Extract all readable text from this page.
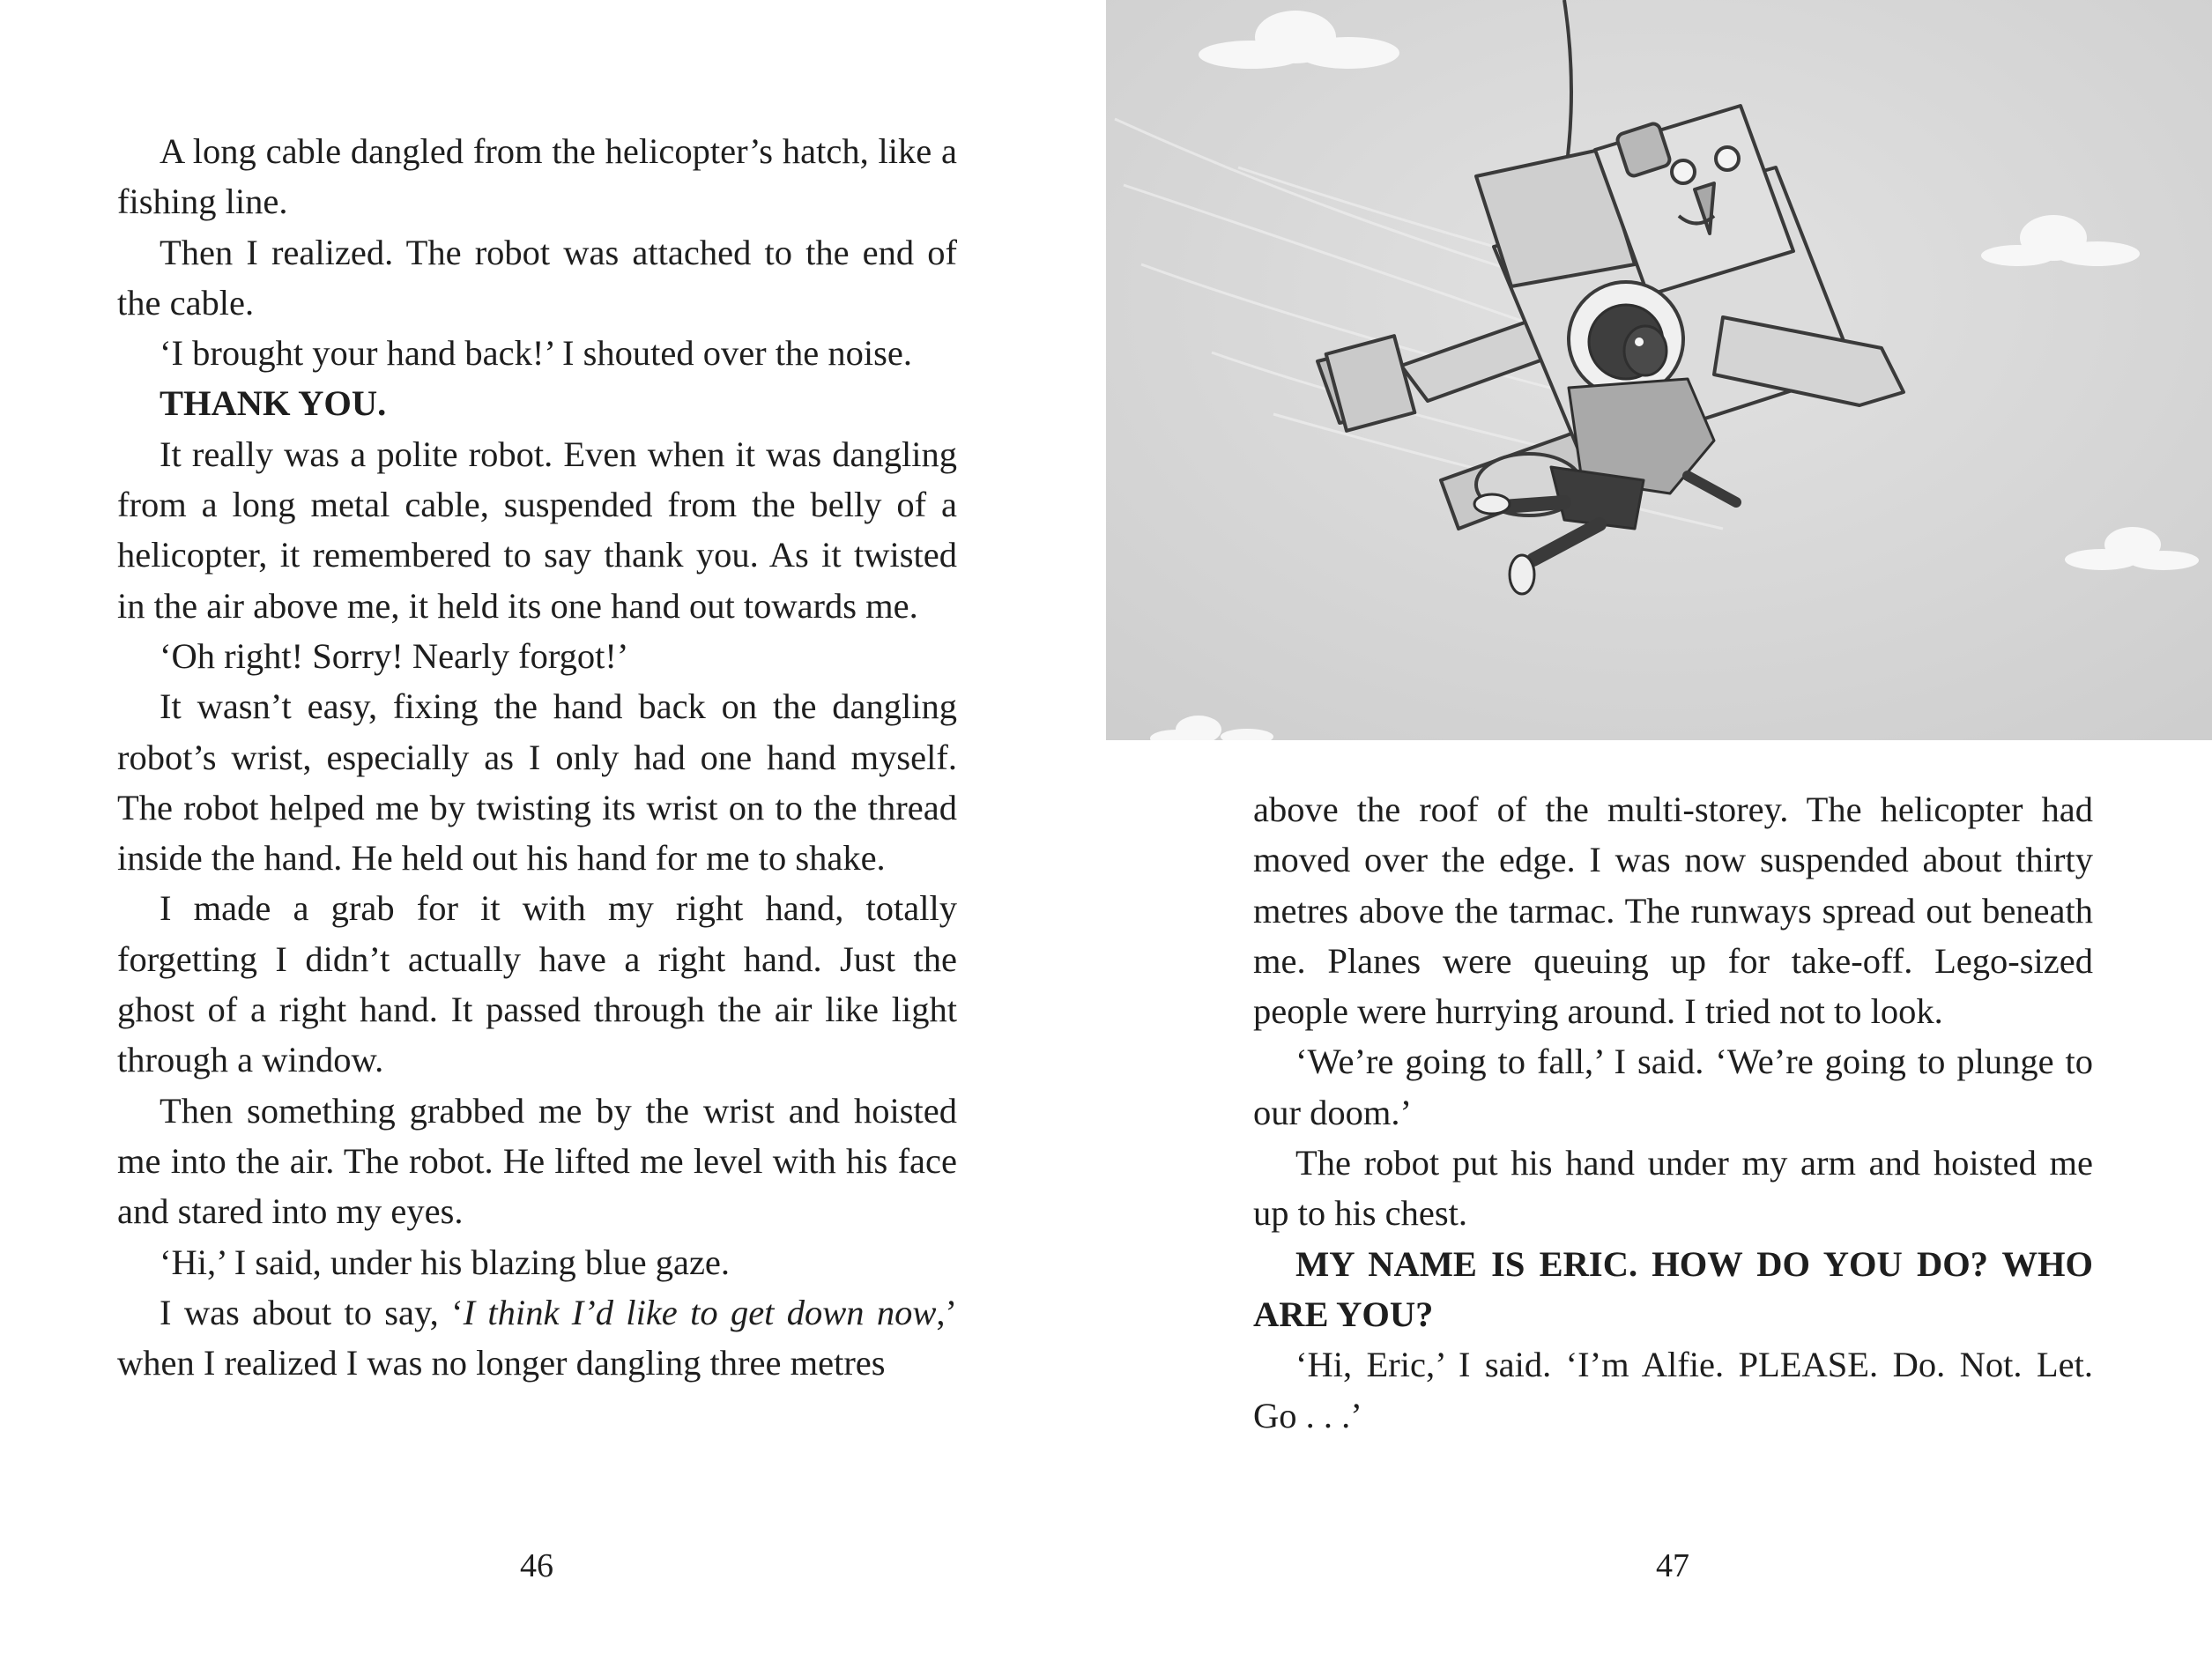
A long cable dangled from the helicopter’s hatch, like a fishing line.

Then I realized. The robot was attached to the end of the cable.

‘I brought your hand back!’ I shouted over the noise.

THANK YOU.

It really was a polite robot. Even when it was dangling from a long metal cable, suspended from the belly of a helicopter, it remembered to say thank you. As it twisted in the air above me, it held its one hand out towards me.

‘Oh right! Sorry! Nearly forgot!’

It wasn’t easy, fixing the hand back on the dangling robot’s wrist, especially as I only had one hand myself. The robot helped me by twisting its wrist on to the thread inside the hand. He held out his hand for me to shake.

I made a grab for it with my right hand, totally forgetting I didn’t actually have a right hand. Just the ghost of a right hand. It passed through the air like light through a window.

Then something grabbed me by the wrist and hoisted me into the air. The robot. He lifted me level with his face and stared into my eyes.

‘Hi,’ I said, under his blazing blue gaze.

I was about to say, ‘I think I’d like to get down now,’ when I realized I was no longer dangling three metres

46

above the roof of the multi-storey. The helicopter had moved over the edge. I was now suspended about thirty metres above the tarmac. The runways spread out beneath me. Planes were queuing up for take-off. Lego-sized people were hurrying around. I tried not to look.

‘We’re going to fall,’ I said. ‘We’re going to plunge to our doom.’

The robot put his hand under my arm and hoisted me up to his chest.

MY NAME IS ERIC. HOW DO YOU DO? WHO ARE YOU?

‘Hi, Eric,’ I said. ‘I’m Alfie. PLEASE. Do. Not. Let. Go . . .’

47
